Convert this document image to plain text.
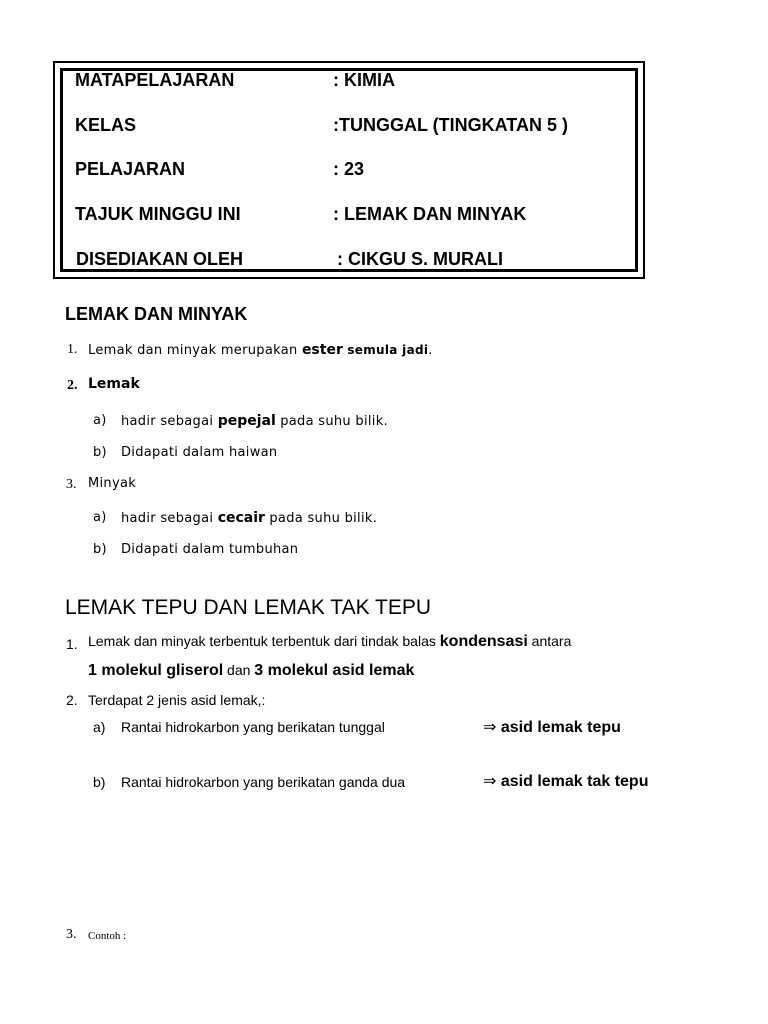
MATAPELAJARAN	: KIMIA
KELAS	:TUNGGAL (TINGKATAN 5 )
PELAJARAN	: 23
TAJUK MINGGU INI	: LEMAK DAN MINYAK
DISEDIAKAN OLEH	: CIKGU S. MURALI
LEMAK DAN MINYAK
1. Lemak dan minyak merupakan ester semula jadi.
2. Lemak
a) hadir sebagai pepejal pada suhu bilik.
b) Didapati dalam haiwan
3. Minyak
a) hadir sebagai cecair pada suhu bilik.
b) Didapati dalam tumbuhan
LEMAK TEPU DAN LEMAK TAK TEPU
1. Lemak dan minyak terbentuk terbentuk dari tindak balas kondensasi antara
1 molekul gliserol dan 3 molekul asid lemak
2. Terdapat 2 jenis asid lemak,:
a) Rantai hidrokarbon yang berikatan tunggal	⇒ asid lemak tepu
b) Rantai hidrokarbon yang berikatan ganda dua	⇒ asid lemak tak tepu
3. Contoh :
